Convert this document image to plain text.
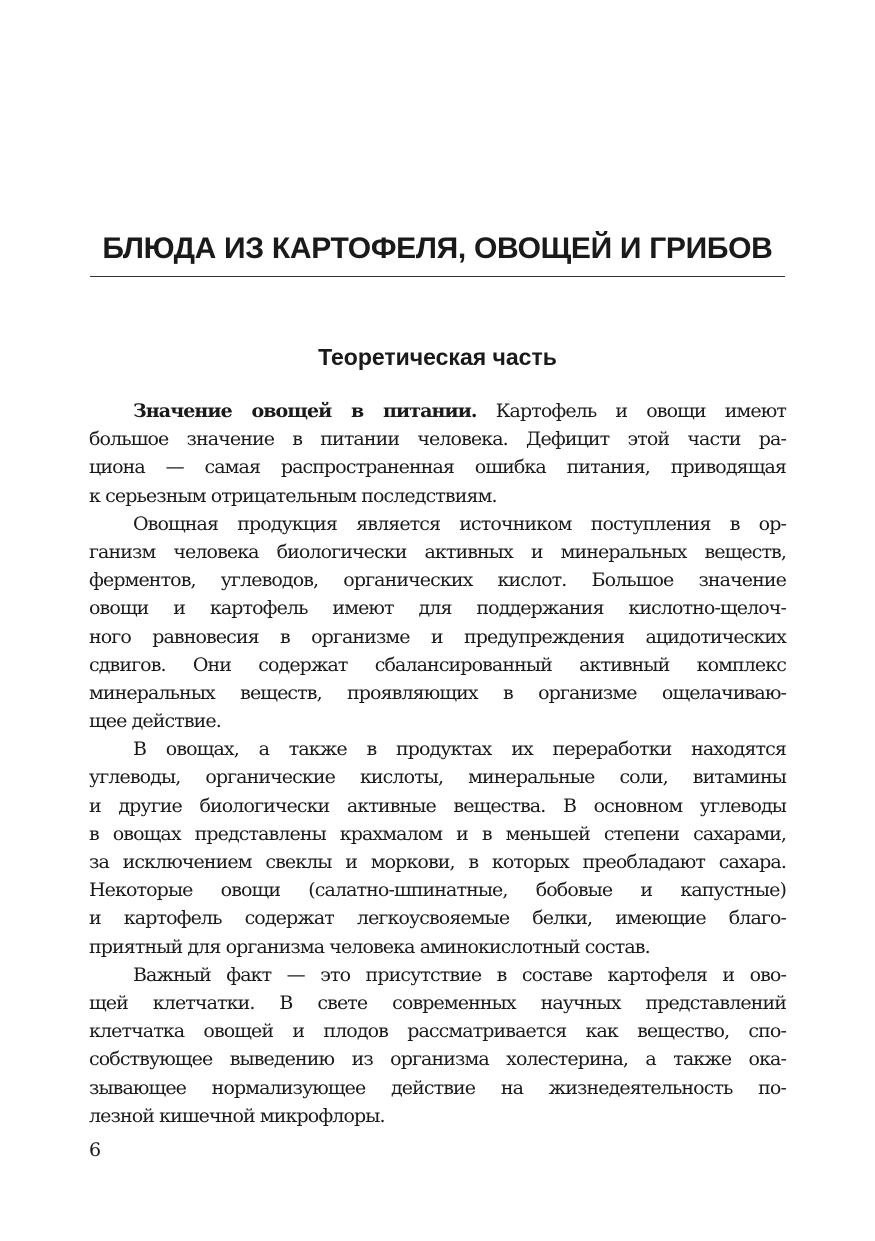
БЛЮДА ИЗ КАРТОФЕЛЯ, ОВОЩЕЙ И ГРИБОВ
Теоретическая часть
Значение овощей в питании. Картофель и овощи имеют
большое значение в питании человека. Дефицит этой части ра-
циона — самая распространенная ошибка питания, приводящая
к серьезным отрицательным последствиям.
Овощная продукция является источником поступления в ор-
ганизм человека биологически активных и минеральных веществ,
ферментов, углеводов, органических кислот. Большое значение
овощи и картофель имеют для поддержания кислотно-щелоч-
ного равновесия в организме и предупреждения ацидотических
сдвигов. Они содержат сбалансированный активный комплекс
минеральных веществ, проявляющих в организме ощелачиваю-
щее действие.
В овощах, а также в продуктах их переработки находятся
углеводы, органические кислоты, минеральные соли, витамины
и другие биологически активные вещества. В основном углеводы
в овощах представлены крахмалом и в меньшей степени сахарами,
за исключением свеклы и моркови, в которых преобладают сахара.
Некоторые овощи (салатно-шпинатные, бобовые и капустные)
и картофель содержат легкоусвояемые белки, имеющие благо-
приятный для организма человека аминокислотный состав.
Важный факт — это присутствие в составе картофеля и ово-
щей клетчатки. В свете современных научных представлений
клетчатка овощей и плодов рассматривается как вещество, спо-
собствующее выведению из организма холестерина, а также ока-
зывающее нормализующее действие на жизнедеятельность по-
лезной кишечной микрофлоры.

6
